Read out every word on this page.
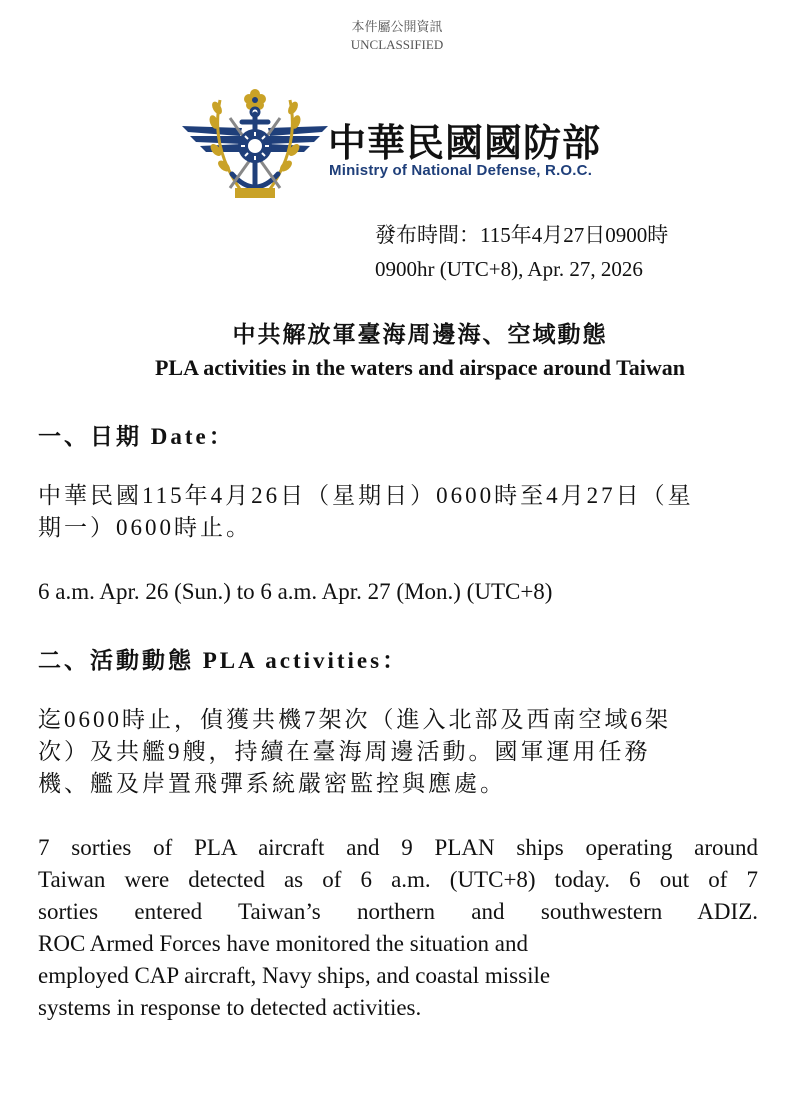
本件屬公開資訊
UNCLASSIFIED
中華民國國防部
Ministry of National Defense, R.O.C.
發布時間：115年4月27日0900時
0900hr (UTC+8), Apr. 27, 2026
中共解放軍臺海周邊海、空域動態
PLA activities in the waters and airspace around Taiwan
一、日期 Date：
中華民國115年4月26日（星期日）0600時至4月27日（星
期一）0600時止。
6 a.m. Apr. 26 (Sun.) to 6 a.m. Apr. 27 (Mon.) (UTC+8)
二、活動動態 PLA activities：
迄0600時止，偵獲共機7架次（進入北部及西南空域6架
次）及共艦9艘，持續在臺海周邊活動。國軍運用任務
機、艦及岸置飛彈系統嚴密監控與應處。
7 sorties of PLA aircraft and 9 PLAN ships operating around
Taiwan were detected as of 6 a.m. (UTC+8) today. 6 out of 7
sorties entered Taiwan’s northern and southwestern ADIZ.
ROC Armed Forces have monitored the situation and
employed CAP aircraft, Navy ships, and coastal missile
systems in response to detected activities.
